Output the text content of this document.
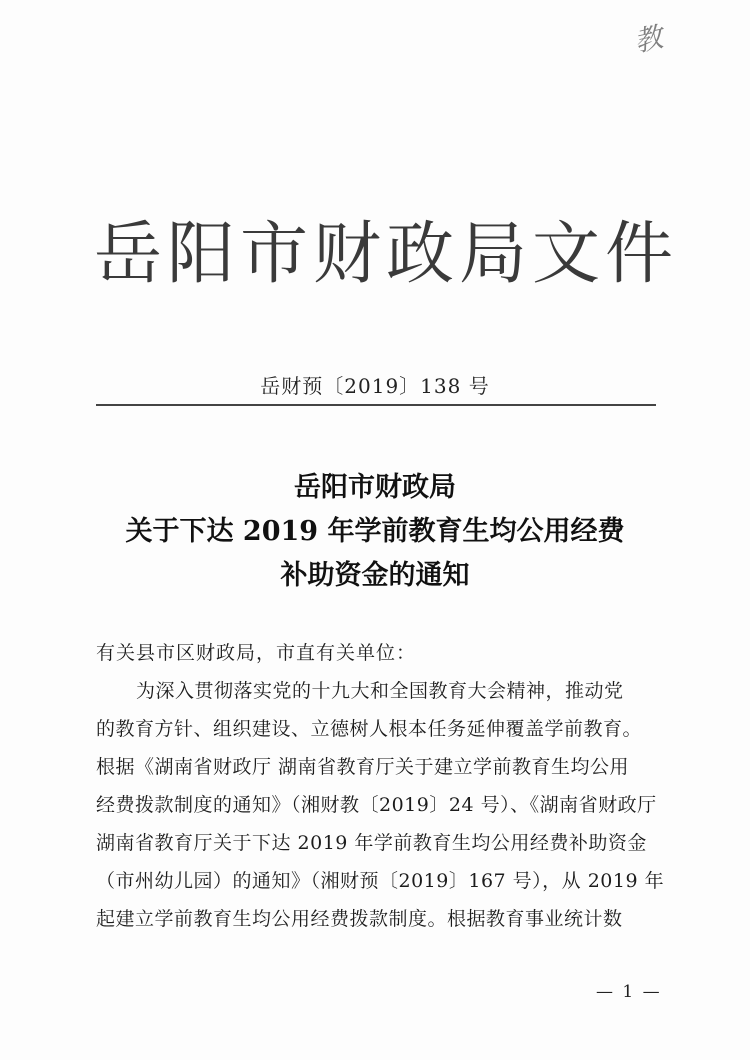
教
岳阳市财政局文件
岳财预〔2019〕138 号
岳阳市财政局
关于下达 2019 年学前教育生均公用经费
补助资金的通知
有关县市区财政局，市直有关单位：
为深入贯彻落实党的十九大和全国教育大会精神，推动党
的教育方针、组织建设、立德树人根本任务延伸覆盖学前教育。
根据《湖南省财政厅 湖南省教育厅关于建立学前教育生均公用
经费拨款制度的通知》（湘财教〔2019〕24 号）、《湖南省财政厅
湖南省教育厅关于下达 2019 年学前教育生均公用经费补助资金
（市州幼儿园）的通知》（湘财预〔2019〕167 号），从 2019 年
起建立学前教育生均公用经费拨款制度。根据教育事业统计数
— 1 —
